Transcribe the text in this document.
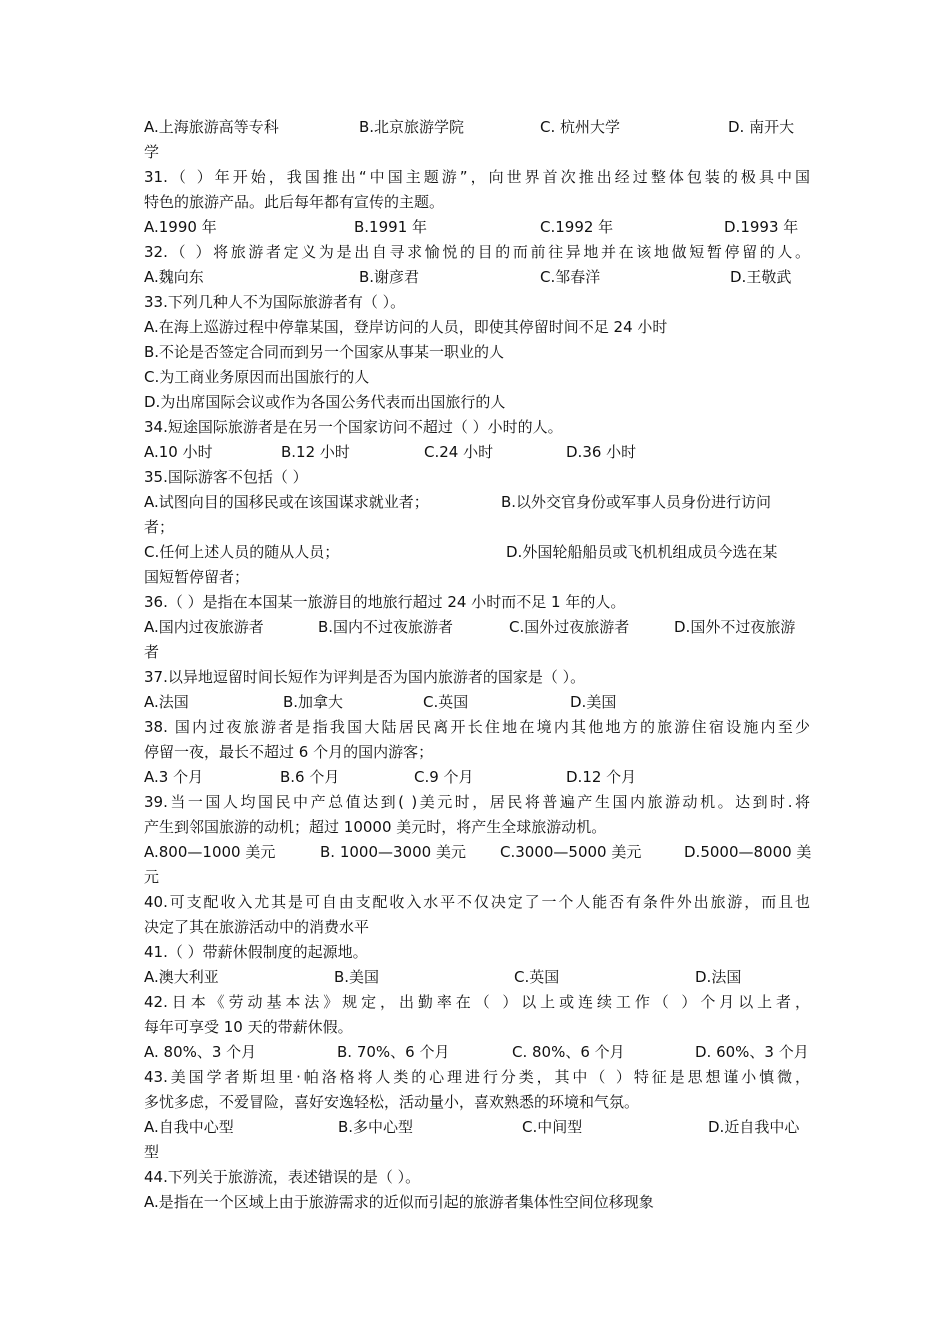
A.上海旅游高等专科	B.北京旅游学院	C. 杭州大学	D. 南开大
学
31.（ ）年开始，我国推出“中国主题游”，向世界首次推出经过整体包装的极具中国
特色的旅游产品。此后每年都有宣传的主题。
A.1990 年	B.1991 年	C.1992 年	D.1993 年
32.（ ）将旅游者定义为是出自寻求愉悦的目的而前往异地并在该地做短暂停留的人。
A.魏向东	B.谢彦君	C.邹春洋	D.王敬武
33.下列几种人不为国际旅游者有（ ）。
A.在海上巡游过程中停靠某国，登岸访问的人员，即使其停留时间不足 24 小时
B.不论是否签定合同而到另一个国家从事某一职业的人
C.为工商业务原因而出国旅行的人
D.为出席国际会议或作为各国公务代表而出国旅行的人
34.短途国际旅游者是在另一个国家访问不超过（ ）小时的人。
A.10 小时	B.12 小时	C.24 小时	D.36 小时
35.国际游客不包括（ ）
A.试图向目的国移民或在该国谋求就业者；	B.以外交官身份或军事人员身份进行访问
者；
C.任何上述人员的随从人员；	D.外国轮船船员或飞机机组成员今选在某
国短暂停留者；
36.（ ）是指在本国某一旅游目的地旅行超过 24 小时而不足 1 年的人。
A.国内过夜旅游者	B.国内不过夜旅游者	C.国外过夜旅游者	D.国外不过夜旅游
者
37.以异地逗留时间长短作为评判是否为国内旅游者的国家是（ ）。
A.法国	B.加拿大	C.英国	D.美国
38. 国内过夜旅游者是指我国大陆居民离开长住地在境内其他地方的旅游住宿设施内至少
停留一夜，最长不超过 6 个月的国内游客；
A.3 个月	B.6 个月	C.9 个月	D.12 个月
39.当一国人均国民中产总值达到( )美元时，居民将普遍产生国内旅游动机。达到时.将
产生到邻国旅游的动机；超过 10000 美元时，将产生全球旅游动机。
A.800—1000 美元	B. 1000—3000 美元 C.3000—5000 美元	D.5000—8000 美
元
40.可支配收入尤其是可自由支配收入水平不仅决定了一个人能否有条件外出旅游，而且也
决定了其在旅游活动中的消费水平
41.（ ）带薪休假制度的起源地。
A.澳大利亚	B.美国	C.英国	D.法国
42.日本《劳动基本法》规定，出勤率在（ ）以上或连续工作（ ）个月以上者，
每年可享受 10 天的带薪休假。
A. 80%、3 个月	B. 70%、6 个月	C. 80%、6 个月	D. 60%、3 个月
43.美国学者斯坦里·帕洛格将人类的心理进行分类，其中（ ）特征是思想谨小慎微，
多忧多虑，不爱冒险，喜好安逸轻松，活动量小，喜欢熟悉的环境和气氛。
A.自我中心型	B.多中心型	C.中间型	D.近自我中心
型
44.下列关于旅游流，表述错误的是（ ）。
A.是指在一个区域上由于旅游需求的近似而引起的旅游者集体性空间位移现象
